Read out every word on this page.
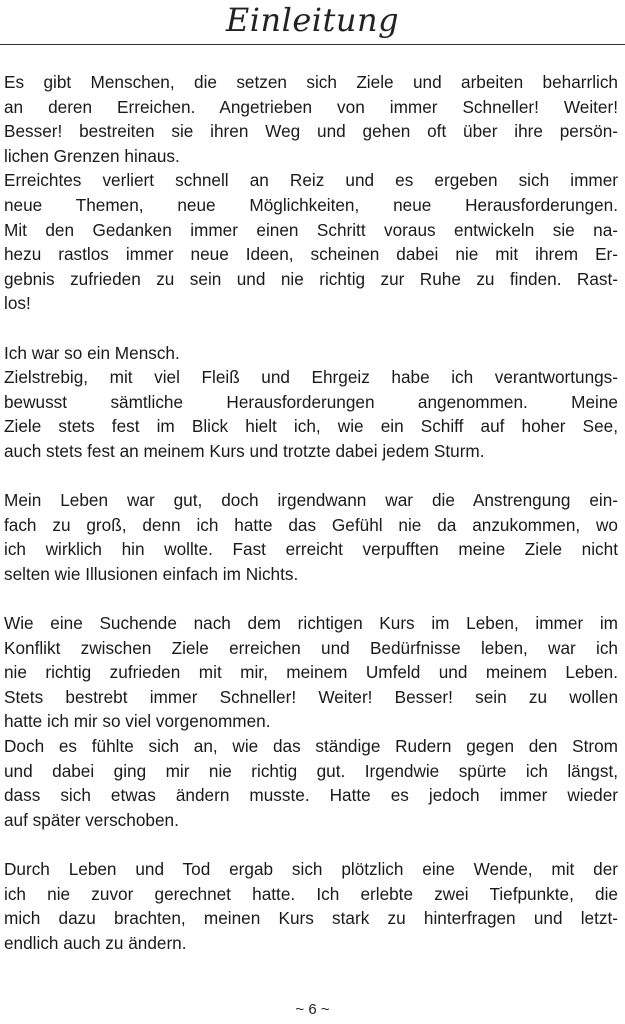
Einleitung
Es gibt Menschen, die setzen sich Ziele und arbeiten beharrlich
an deren Erreichen. Angetrieben von immer Schneller! Weiter!
Besser! bestreiten sie ihren Weg und gehen oft über ihre persön-
lichen Grenzen hinaus.
Erreichtes verliert schnell an Reiz und es ergeben sich immer
neue Themen, neue Möglichkeiten, neue Herausforderungen.
Mit den Gedanken immer einen Schritt voraus entwickeln sie na-
hezu rastlos immer neue Ideen, scheinen dabei nie mit ihrem Er-
gebnis zufrieden zu sein und nie richtig zur Ruhe zu finden. Rast-
los!
Ich war so ein Mensch.
Zielstrebig, mit viel Fleiß und Ehrgeiz habe ich verantwortungs-
bewusst sämtliche Herausforderungen angenommen. Meine
Ziele stets fest im Blick hielt ich, wie ein Schiff auf hoher See,
auch stets fest an meinem Kurs und trotzte dabei jedem Sturm.
Mein Leben war gut, doch irgendwann war die Anstrengung ein-
fach zu groß, denn ich hatte das Gefühl nie da anzukommen, wo
ich wirklich hin wollte. Fast erreicht verpufften meine Ziele nicht
selten wie Illusionen einfach im Nichts.
Wie eine Suchende nach dem richtigen Kurs im Leben, immer im
Konflikt zwischen Ziele erreichen und Bedürfnisse leben, war ich
nie richtig zufrieden mit mir, meinem Umfeld und meinem Leben.
Stets bestrebt immer Schneller! Weiter! Besser! sein zu wollen
hatte ich mir so viel vorgenommen.
Doch es fühlte sich an, wie das ständige Rudern gegen den Strom
und dabei ging mir nie richtig gut. Irgendwie spürte ich längst,
dass sich etwas ändern musste. Hatte es jedoch immer wieder
auf später verschoben.
Durch Leben und Tod ergab sich plötzlich eine Wende, mit der
ich nie zuvor gerechnet hatte. Ich erlebte zwei Tiefpunkte, die
mich dazu brachten, meinen Kurs stark zu hinterfragen und letzt-
endlich auch zu ändern.
~ 6 ~
